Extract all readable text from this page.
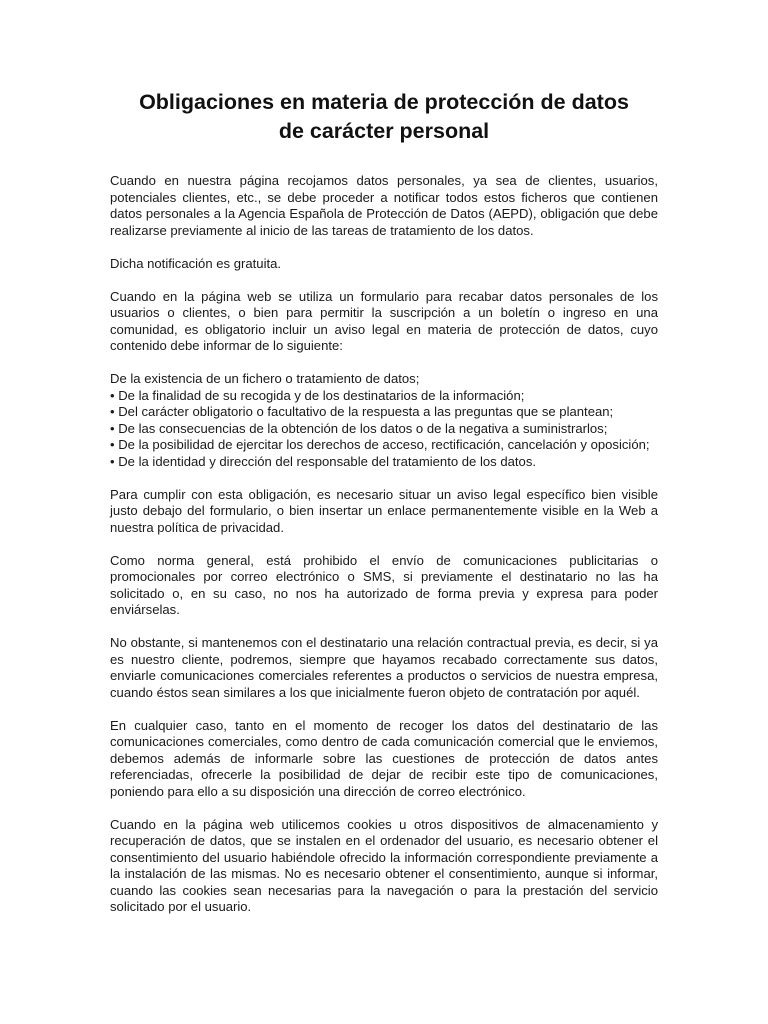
Obligaciones en materia de protección de datos
de carácter personal

Cuando en nuestra página recojamos datos personales, ya sea de clientes, usuarios, potenciales clientes, etc., se debe proceder a notificar todos estos ficheros que contienen datos personales a la Agencia Española de Protección de Datos (AEPD), obligación que debe realizarse previamente al inicio de las tareas de tratamiento de los datos.

Dicha notificación es gratuita.

Cuando en la página web se utiliza un formulario para recabar datos personales de los usuarios o clientes, o bien para permitir la suscripción a un boletín o ingreso en una comunidad, es obligatorio incluir un aviso legal en materia de protección de datos, cuyo contenido debe informar de lo siguiente:

De la existencia de un fichero o tratamiento de datos;
• De la finalidad de su recogida y de los destinatarios de la información;
• Del carácter obligatorio o facultativo de la respuesta a las preguntas que se plantean;
• De las consecuencias de la obtención de los datos o de la negativa a suministrarlos;
• De la posibilidad de ejercitar los derechos de acceso, rectificación, cancelación y oposición;
• De la identidad y dirección del responsable del tratamiento de los datos.

Para cumplir con esta obligación, es necesario situar un aviso legal específico bien visible justo debajo del formulario, o bien insertar un enlace permanentemente visible en la Web a nuestra política de privacidad.

Como norma general, está prohibido el envío de comunicaciones publicitarias o promocionales por correo electrónico o SMS, si previamente el destinatario no las ha solicitado o, en su caso, no nos ha autorizado de forma previa y expresa para poder enviárselas.

No obstante, si mantenemos con el destinatario una relación contractual previa, es decir, si ya es nuestro cliente, podremos, siempre que hayamos recabado correctamente sus datos, enviarle comunicaciones comerciales referentes a productos o servicios de nuestra empresa, cuando éstos sean similares a los que inicialmente fueron objeto de contratación por aquél.

En cualquier caso, tanto en el momento de recoger los datos del destinatario de las comunicaciones comerciales, como dentro de cada comunicación comercial que le enviemos, debemos además de informarle sobre las cuestiones de protección de datos antes referenciadas, ofrecerle la posibilidad de dejar de recibir este tipo de comunicaciones, poniendo para ello a su disposición una dirección de correo electrónico.

Cuando en la página web utilicemos cookies u otros dispositivos de almacenamiento y recuperación de datos, que se instalen en el ordenador del usuario, es necesario obtener el consentimiento del usuario habiéndole ofrecido la información correspondiente previamente a la instalación de las mismas. No es necesario obtener el consentimiento, aunque si informar, cuando las cookies sean necesarias para la navegación o para la prestación del servicio solicitado por el usuario.
